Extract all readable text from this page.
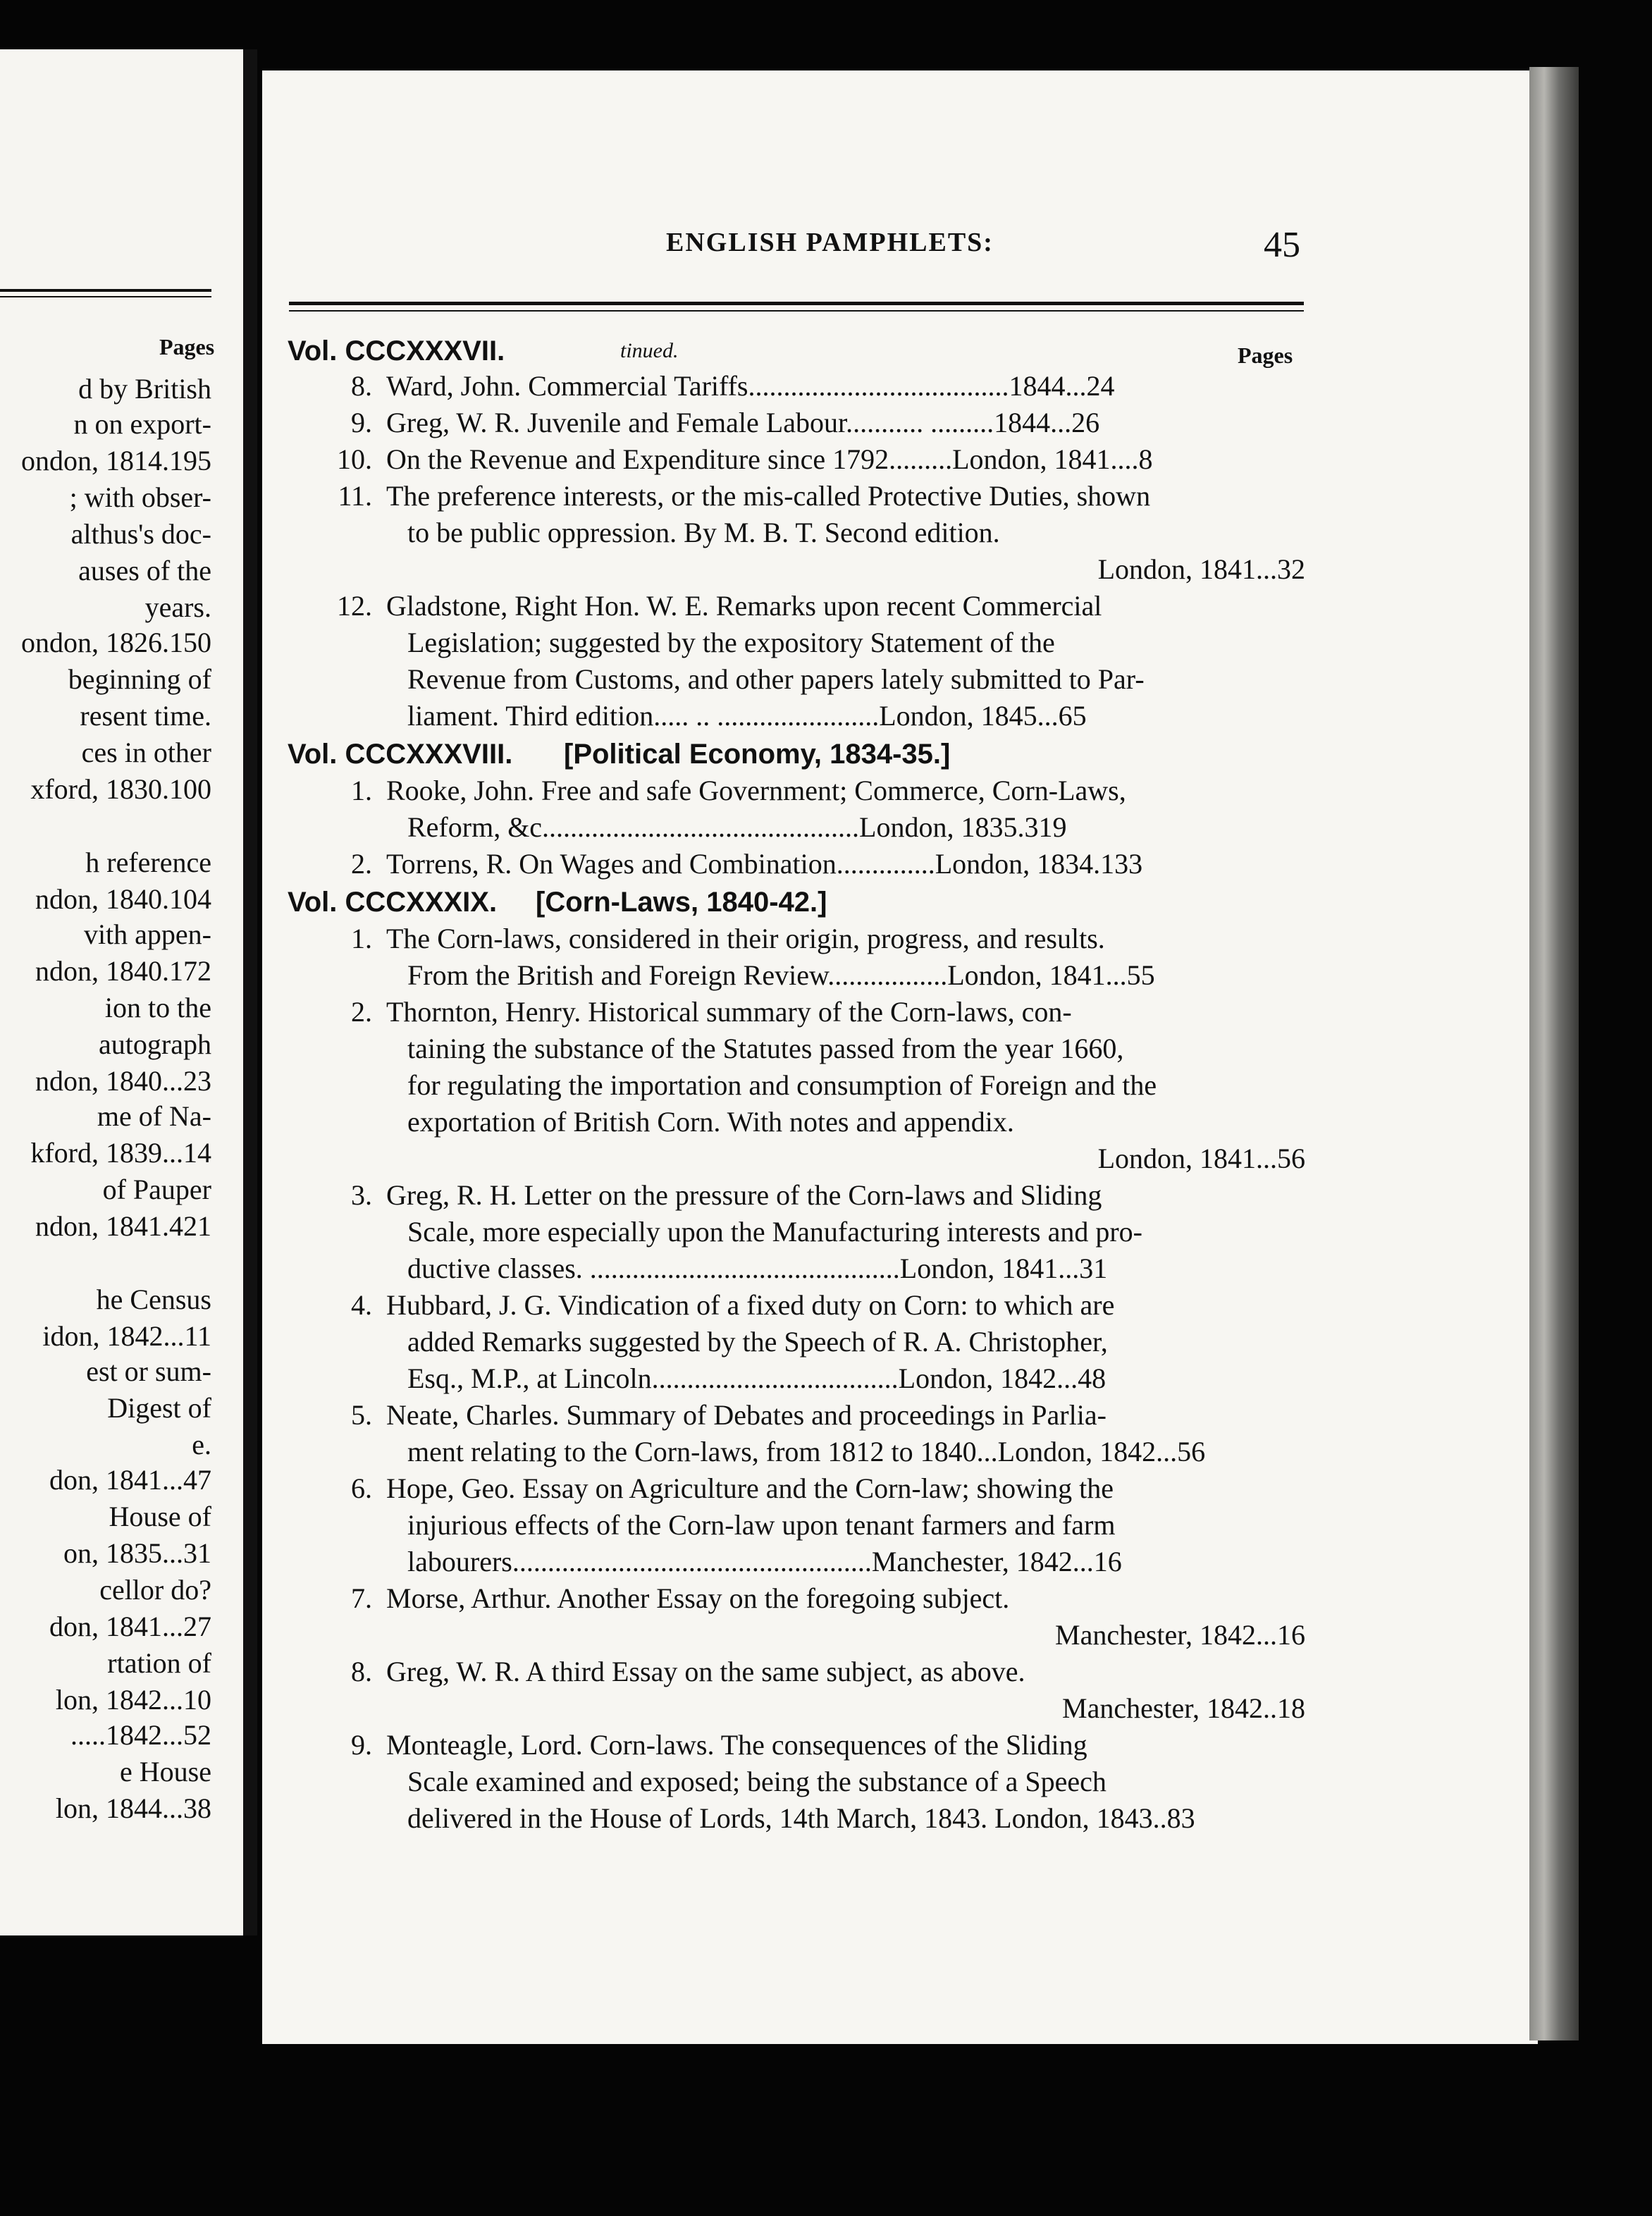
Pages
d by British
n on export-
ondon, 1814.195
; with obser-
althus's doc-
auses of the
years.
ondon, 1826.150
beginning of
resent time.
ces in other
xford, 1830.100
h reference
ndon, 1840.104
vith appen-
ndon, 1840.172
ion to the
autograph
ndon, 1840...23
me of Na-
kford, 1839...14
of Pauper
ndon, 1841.421
he Census
idon, 1842...11
est or sum-
Digest of
e.
don, 1841...47
House of
on, 1835...31
cellor do?
don, 1841...27
rtation of
lon, 1842...10
.....1842...52
e House
lon, 1844...38
ENGLISH PAMPHLETS:	45
Vol. CCCXXXVII.	tinued.	Pages
8. Ward, John. Commercial Tariffs.....................................1844...24
9. Greg, W. R. Juvenile and Female Labour........... .........1844...26
10. On the Revenue and Expenditure since 1792.........London, 1841....8
11. The preference interests, or the mis-called Protective Duties, shown
to be public oppression. By M. B. T. Second edition.
London, 1841...32
12. Gladstone, Right Hon. W. E. Remarks upon recent Commercial
Legislation; suggested by the expository Statement of the
Revenue from Customs, and other papers lately submitted to Par-
liament. Third edition..... .. .......................London, 1845...65
Vol. CCCXXXVIII. [Political Economy, 1834-35.]
1. Rooke, John. Free and safe Government; Commerce, Corn-Laws,
Reform, &c.............................................London, 1835.319
2. Torrens, R. On Wages and Combination..............London, 1834.133
Vol. CCCXXXIX. [Corn-Laws, 1840-42.]
1. The Corn-laws, considered in their origin, progress, and results.
From the British and Foreign Review.................London, 1841...55
2. Thornton, Henry. Historical summary of the Corn-laws, con-
taining the substance of the Statutes passed from the year 1660,
for regulating the importation and consumption of Foreign and the
exportation of British Corn. With notes and appendix.
London, 1841...56
3. Greg, R. H. Letter on the pressure of the Corn-laws and Sliding
Scale, more especially upon the Manufacturing interests and pro-
ductive classes. ............................................London, 1841...31
4. Hubbard, J. G. Vindication of a fixed duty on Corn: to which are
added Remarks suggested by the Speech of R. A. Christopher,
Esq., M.P., at Lincoln...................................London, 1842...48
5. Neate, Charles. Summary of Debates and proceedings in Parlia-
ment relating to the Corn-laws, from 1812 to 1840...London, 1842...56
6. Hope, Geo. Essay on Agriculture and the Corn-law; showing the
injurious effects of the Corn-law upon tenant farmers and farm
labourers...................................................Manchester, 1842...16
7. Morse, Arthur. Another Essay on the foregoing subject.
Manchester, 1842...16
8. Greg, W. R. A third Essay on the same subject, as above.
Manchester, 1842..18
9. Monteagle, Lord. Corn-laws. The consequences of the Sliding
Scale examined and exposed; being the substance of a Speech
delivered in the House of Lords, 14th March, 1843. London, 1843..83
